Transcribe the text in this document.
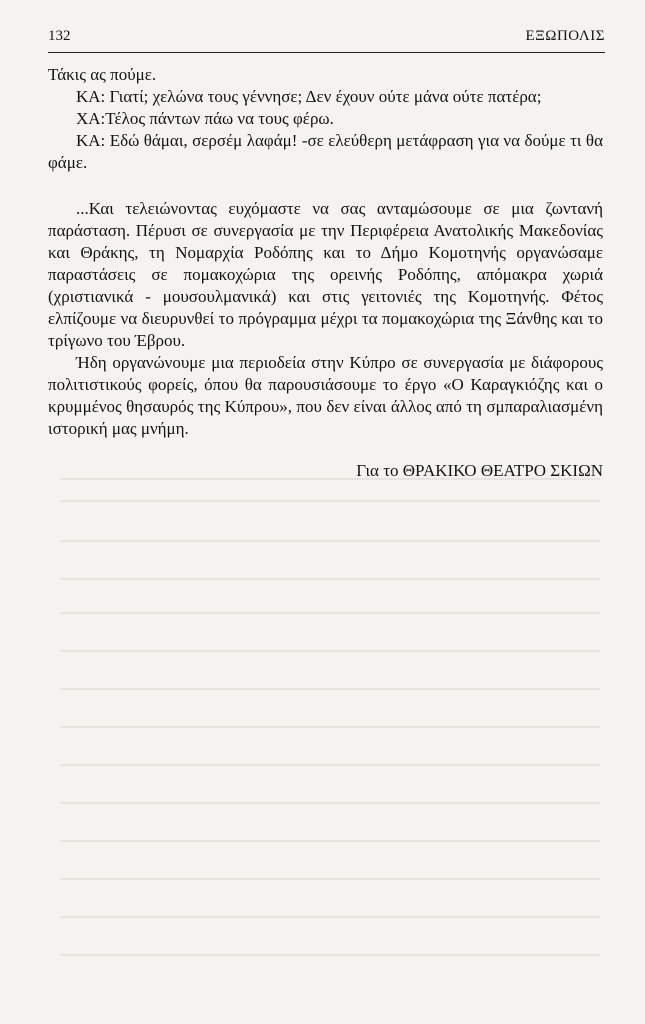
132	ΕΞΩΠΟΛΙΣ

Τάκις ας πούμε.

ΚΑ: Γιατί; χελώνα τους γέννησε; Δεν έχουν ούτε μάνα ούτε πατέρα;

ΧΑ:Τέλος πάντων πάω να τους φέρω.

ΚΑ: Εδώ θάμαι, σερσέμ λαφάμ! -σε ελεύθερη μετάφραση για να δούμε τι θα φάμε.

...Και τελειώνοντας ευχόμαστε να σας ανταμώσουμε σε μια ζωντανή παράσταση. Πέρυσι σε συνεργασία με την Περιφέρεια Ανατολικής Μακεδονίας και Θράκης, τη Νομαρχία Ροδόπης και το Δήμο Κομοτηνής οργανώσαμε παραστάσεις σε πομακοχώρια της ορεινής Ροδόπης, απόμακρα χωριά (χριστιανικά - μουσουλμανικά) και στις γειτονιές της Κομοτηνής. Φέτος ελπίζουμε να διευρυνθεί το πρόγραμμα μέχρι τα πομακοχώρια της Ξάνθης και το τρίγωνο του Έβρου.

Ήδη οργανώνουμε μια περιοδεία στην Κύπρο σε συνεργασία με διάφορους πολιτιστικούς φορείς, όπου θα παρουσιάσουμε το έργο «Ο Καραγκιόζης και ο κρυμμένος θησαυρός της Κύπρου», που δεν είναι άλλος από τη σμπαραλιασμένη ιστορική μας μνήμη.

Για το ΘΡΑΚΙΚΟ ΘΕΑΤΡΟ ΣΚΙΩΝ
